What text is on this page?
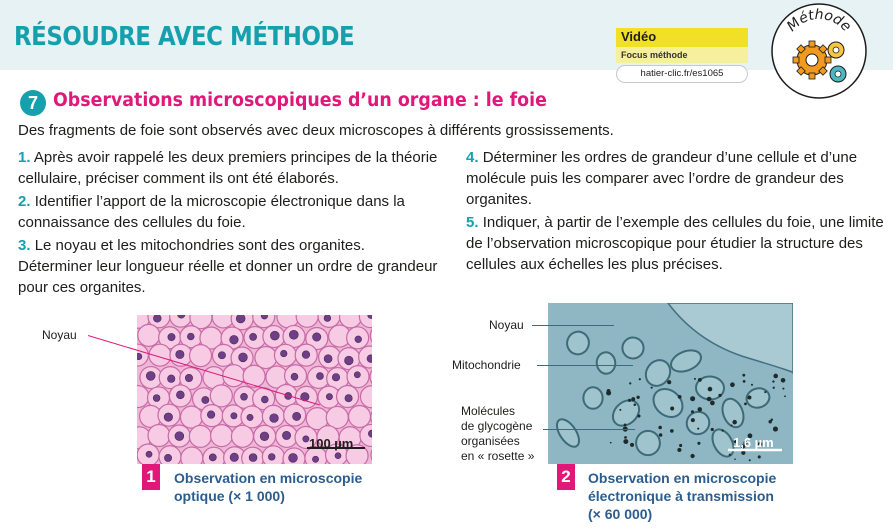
RÉSOUDRE AVEC MÉTHODE	Vidéo
Focus méthode
hatier-clic.fr/es1065
Méthode
7 Observations microscopiques d’un organe : le foie
Des fragments de foie sont observés avec deux microscopes à différents grossissements.

1. Après avoir rappelé les deux premiers principes de la théorie cellulaire, préciser comment ils ont été élaborés.

2. Identifier l’apport de la microscopie électronique dans la connaissance des cellules du foie.

3. Le noyau et les mitochondries sont des organites. Déterminer leur longueur réelle et donner un ordre de grandeur pour ces organites.

4. Déterminer les ordres de grandeur d’une cellule et d’une molécule puis les comparer avec l’ordre de grandeur des organites.

5. Indiquer, à partir de l’exemple des cellules du foie, une limite de l’observation microscopique pour étudier la structure des cellules aux échelles les plus précises.

100 µm
Noyau
1	Observation en microscopie
optique (× 1 000)
1,6 µm
Noyau
Mitochondrie
Molécules
de glycogène
organisées
en « rosette »
2	Observation en microscopie
électronique à transmission
(× 60 000)
